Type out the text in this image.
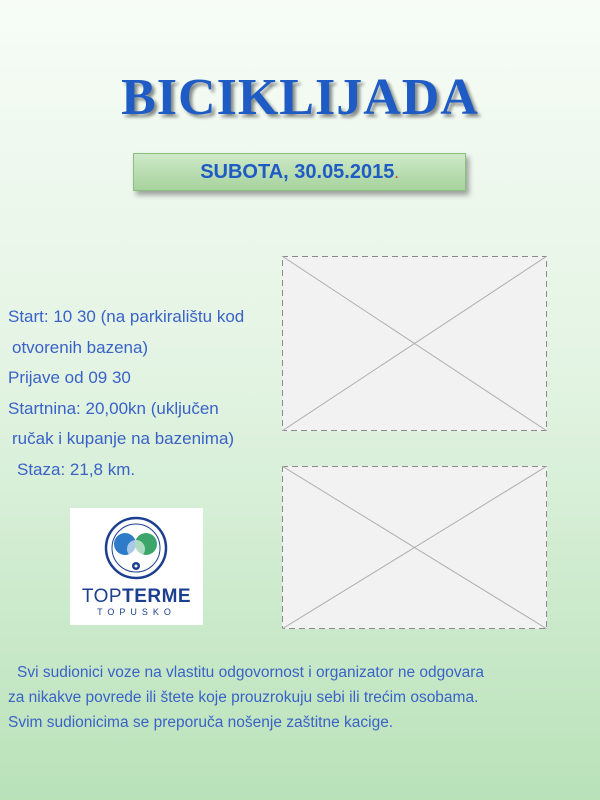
BICIKLIJADA
SUBOTA, 30.05.2015.
Start: 10 30 (na parkiralištu kod
otvorenih bazena)
Prijave od 09 30
Startnina: 20,00kn (uključen
ručak i kupanje na bazenima)
Staza: 21,8 km.
TOPTERME
TOPUSKO
Svi sudionici voze na vlastitu odgovornost i organizator ne odgovara
za nikakve povrede ili štete koje prouzrokuju sebi ili trećim osobama.
Svim sudionicima se preporuča nošenje zaštitne kacige.
